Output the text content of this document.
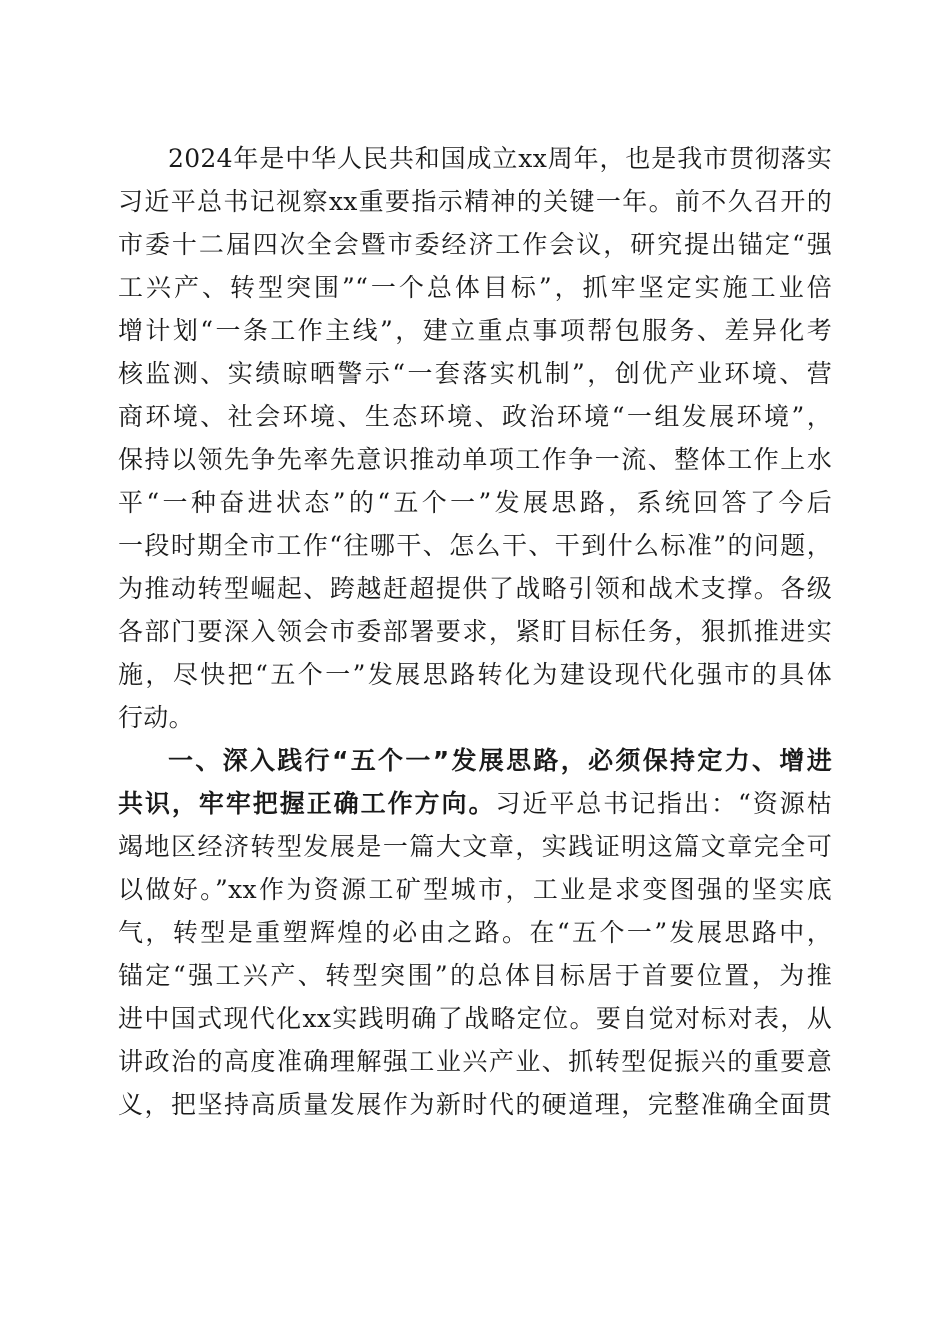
2024年是中华人民共和国成立xx周年，也是我市贯彻落实
习近平总书记视察xx重要指示精神的关键一年。前不久召开的
市委十二届四次全会暨市委经济工作会议，研究提出锚定“强
工兴产、转型突围”“一个总体目标”，抓牢坚定实施工业倍
增计划“一条工作主线”，建立重点事项帮包服务、差异化考
核监测、实绩晾晒警示“一套落实机制”，创优产业环境、营
商环境、社会环境、生态环境、政治环境“一组发展环境”，
保持以领先争先率先意识推动单项工作争一流、整体工作上水
平“一种奋进状态”的“五个一”发展思路，系统回答了今后
一段时期全市工作“往哪干、怎么干、干到什么标准”的问题，
为推动转型崛起、跨越赶超提供了战略引领和战术支撑。各级
各部门要深入领会市委部署要求，紧盯目标任务，狠抓推进实
施，尽快把“五个一”发展思路转化为建设现代化强市的具体
行动。
一、深入践行“五个一”发展思路，必须保持定力、增进
共识，牢牢把握正确工作方向。习近平总书记指出：“资源枯
竭地区经济转型发展是一篇大文章，实践证明这篇文章完全可
以做好。”xx作为资源工矿型城市，工业是求变图强的坚实底
气，转型是重塑辉煌的必由之路。在“五个一”发展思路中，
锚定“强工兴产、转型突围”的总体目标居于首要位置，为推
进中国式现代化xx实践明确了战略定位。要自觉对标对表，从
讲政治的高度准确理解强工业兴产业、抓转型促振兴的重要意
义，把坚持高质量发展作为新时代的硬道理，完整准确全面贯
